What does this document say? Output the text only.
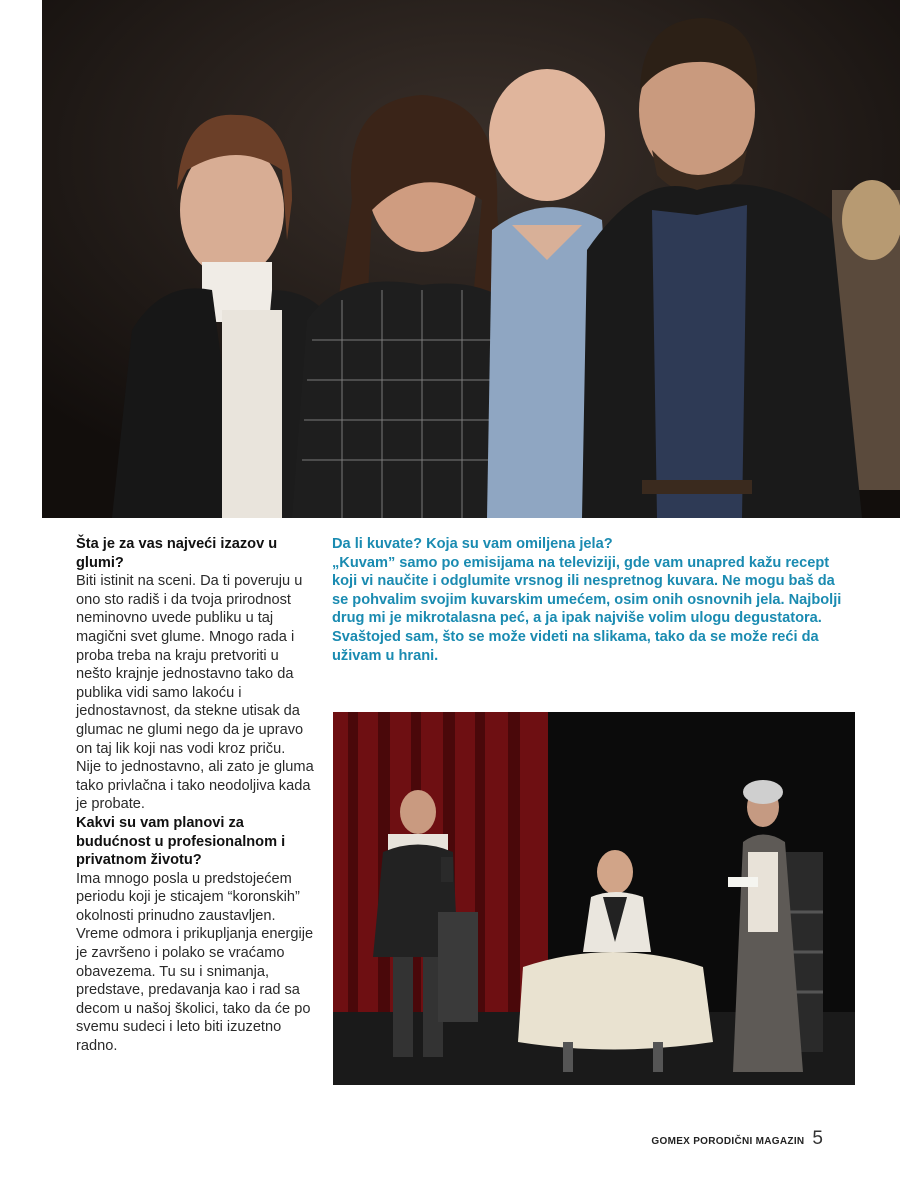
Šta je za vas najveći izazov u glumi?

Biti istinit na sceni. Da ti poveruju u ono sto radiš i da tvoja prirodnost neminovno uvede publiku u taj magični svet glume. Mnogo rada i proba treba na kraju pretvoriti u nešto krajnje jednostavno tako da publika vidi samo lakoću i jednostavnost, da stekne utisak da glumac ne glumi nego da je upravo on taj lik koji nas vodi kroz priču. Nije to jednostavno, ali zato je gluma tako privlačna i tako neodoljiva kada je probate.

Kakvi su vam planovi za budućnost u profesionalnom i privatnom životu?

Ima mnogo posla u predstojećem periodu koji je sticajem “koronskih” okolnosti prinudno zaustavljen. Vreme odmora i prikupljanja energije je završeno i polako se vraćamo obavezema. Tu su i snimanja, predstave, predavanja kao i rad sa decom u našoj školici, tako da će po svemu sudeci i leto biti izuzetno radno.

Da li kuvate? Koja su vam omiljena jela?

„Kuvam” samo po emisijama na televiziji, gde vam unapred kažu recept koji vi naučite i odglumite vrsnog ili nespretnog kuvara. Ne mogu baš da se pohvalim svojim kuvarskim umećem, osim onih osnovnih jela. Najbolji drug mi je mikrotalasna peć, a ja ipak najviše volim ulogu degustatora. Svaštojed sam, što se može videti na slikama, tako da se može reći da uživam u hrani.

GOMEX PORODIČNI MAGAZIN 5
